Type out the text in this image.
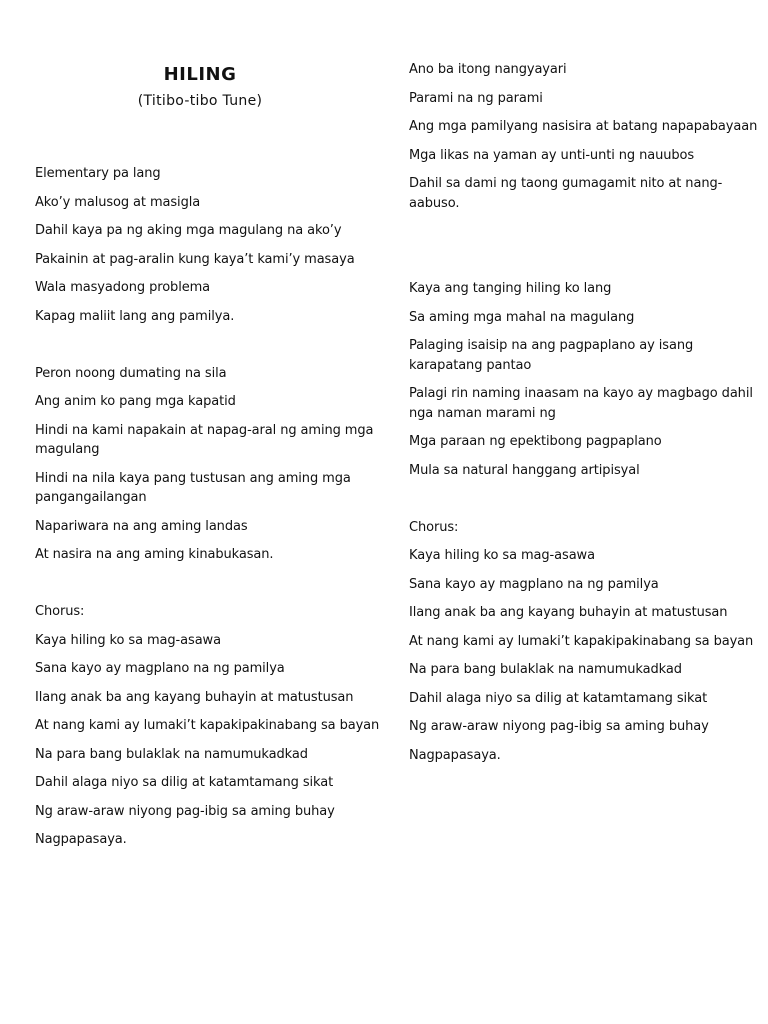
HILING

(Titibo-tibo Tune)

Elementary pa lang

Ako’y malusog at masigla

Dahil kaya pa ng aking mga magulang na ako’y

Pakainin at pag-aralin kung kaya’t kami’y masaya

Wala masyadong problema

Kapag maliit lang ang pamilya.

Peron noong dumating na sila

Ang anim ko pang mga kapatid

Hindi na kami napakain at napag-aral ng aming mga magulang

Hindi na nila kaya pang tustusan ang aming mga pangangailangan

Napariwara na ang aming landas

At nasira na ang aming kinabukasan.

Chorus:

Kaya hiling ko sa mag-asawa

Sana kayo ay magplano na ng pamilya

Ilang anak ba ang kayang buhayin at matustusan

At nang kami ay lumaki’t kapakipakinabang sa bayan

Na para bang bulaklak na namumukadkad

Dahil alaga niyo sa dilig at katamtamang sikat

Ng araw-araw niyong pag-ibig sa aming buhay

Nagpapasaya.

Ano ba itong nangyayari

Parami na ng parami

Ang mga pamilyang nasisira at batang napapabayaan

Mga likas na yaman ay unti-unti ng nauubos

Dahil sa dami ng taong gumagamit nito at nang-aabuso.

Kaya ang tanging hiling ko lang

Sa aming mga mahal na magulang

Palaging isaisip na ang pagpaplano ay isang karapatang pantao

Palagi rin naming inaasam na kayo ay magbago dahil nga naman marami ng

Mga paraan ng epektibong pagpaplano

Mula sa natural hanggang artipisyal

Chorus:

Kaya hiling ko sa mag-asawa

Sana kayo ay magplano na ng pamilya

Ilang anak ba ang kayang buhayin at matustusan

At nang kami ay lumaki’t kapakipakinabang sa bayan

Na para bang bulaklak na namumukadkad

Dahil alaga niyo sa dilig at katamtamang sikat

Ng araw-araw niyong pag-ibig sa aming buhay

Nagpapasaya.
